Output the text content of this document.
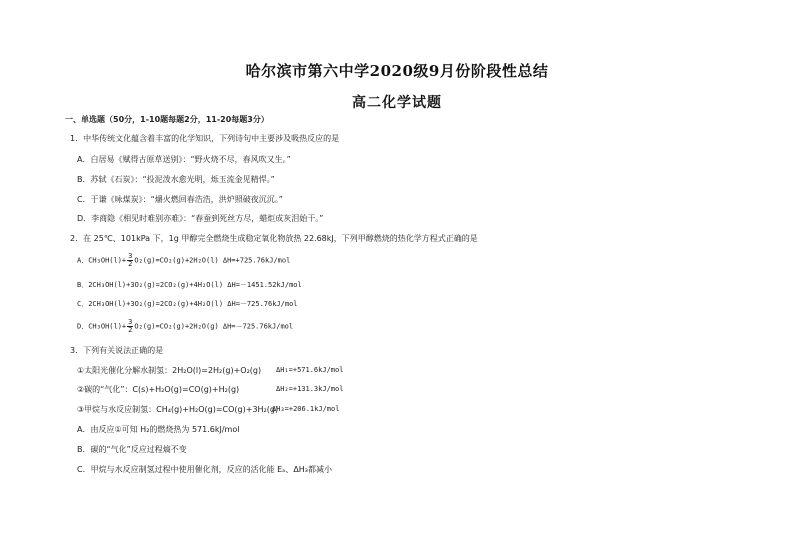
哈尔滨市第六中学2020级9月份阶段性总结
高二化学试题
一、单选题（50分，1-10题每题2分，11-20每题3分）
1．中华传统文化蕴含着丰富的化学知识，下列诗句中主要涉及吸热反应的是
A．白居易《赋得古原草送别》：“野火烧不尽，春风吹又生。”
B．苏轼《石炭》：“投泥泼水愈光明，烁玉流金见精悍。”
C．于谦《咏煤炭》：“爝火燃回春浩浩，洪炉照破夜沉沉。”
D．李商隐《相见时难别亦难》：“春蚕到死丝方尽，蜡炬成灰泪始干。”
2．在 25℃、101kPa 下，1g 甲醇完全燃烧生成稳定氧化物放热 22.68kJ，下列甲醇燃烧的热化学方程式正确的是
A．$CH_3OH(l)+ \frac{3}{2} O_2(g)=CO_2(g)+2H_2O(l)$ ΔH=+725.76kJ/mol
B．2CH₃OH(l)+3O₂(g)=2CO₂(g)+4H₂O(l) ΔH=－1451.52kJ/mol
C．2CH₃OH(l)+3O₂(g)=2CO₂(g)+4H₂O(l) ΔH=－725.76kJ/mol
D．$CH_3OH(l)+ \frac{3}{2} O_2(g)=CO_2(g)+2H_2O(g)$ ΔH=－725.76kJ/mol
3．下列有关说法正确的是
①太阳光催化分解水制氢：2H₂O(l)=2H₂(g)+O₂(g) ΔH₁=+571.6kJ/mol
②碳的“气化”：C(s)+H₂O(g)=CO(g)+H₂(g)	ΔH₂=+131.3kJ/mol
③甲烷与水反应制氢：CH₄(g)+H₂O(g)=CO(g)+3H₂(g)
ΔH₃=+206.1kJ/mol
A．由反应①可知 H₂的燃烧热为 571.6kJ/mol
B．碳的“气化”反应过程熵不变
C．甲烷与水反应制氢过程中使用催化剂，反应的活化能 Eₐ、ΔH₃都减小
